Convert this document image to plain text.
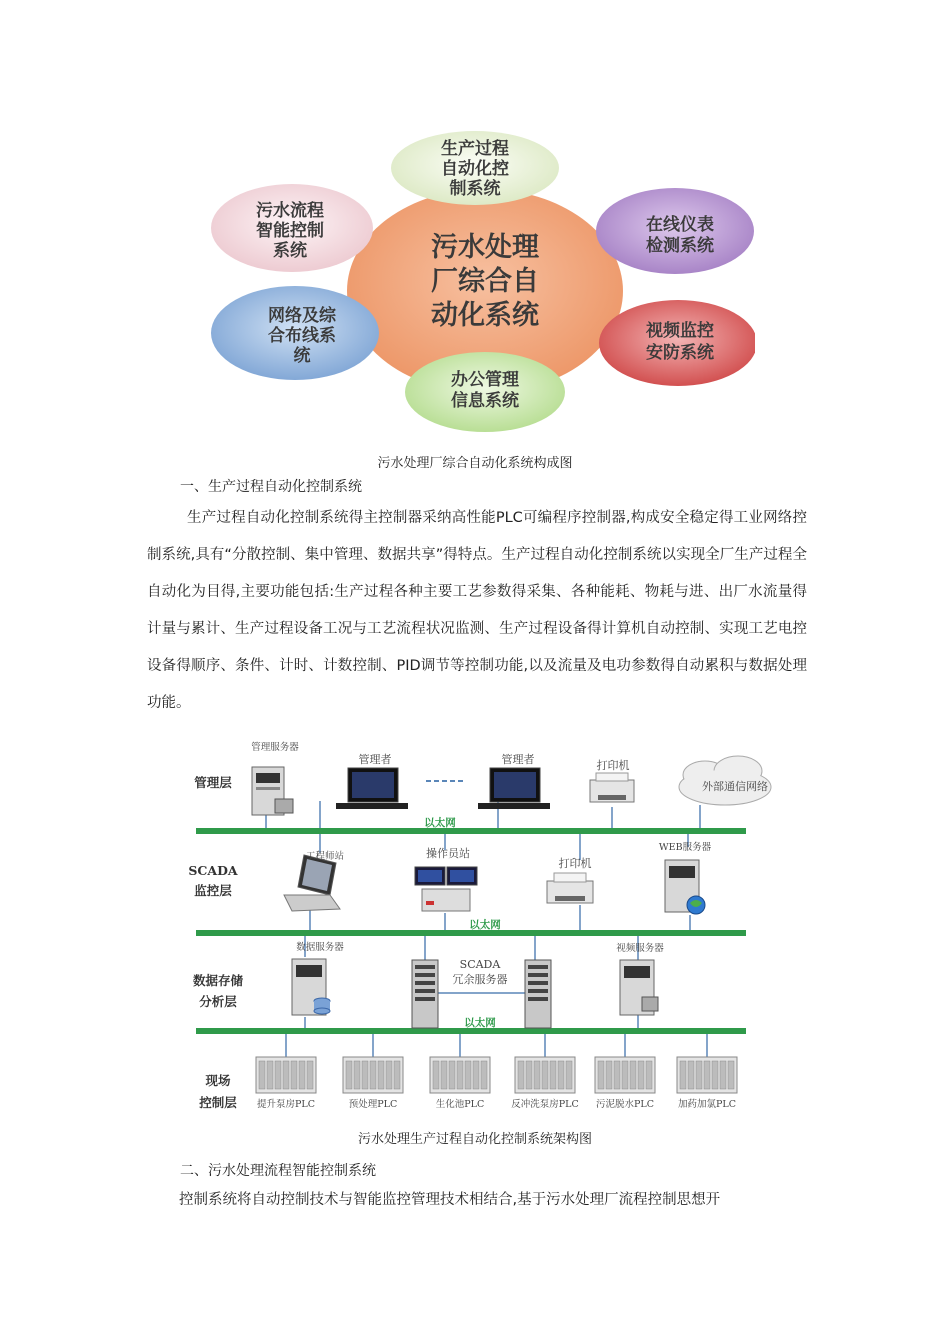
污水处理
厂综合自
动化系统
生产过程
自动化控
制系统
在线仪表
检测系统
视频监控
安防系统
办公管理
信息系统
网络及综
合布线系
统
污水流程
智能控制
系统
污水处理厂综合自动化系统构成图
一、生产过程自动化控制系统
生产过程自动化控制系统得主控制器采纳高性能PLC可编程序控制器,构成安全稳定得工业网络控制系统,具有“分散控制、集中管理、数据共享”得特点。生产过程自动化控制系统以实现全厂生产过程全自动化为目得,主要功能包括:生产过程各种主要工艺参数得采集、各种能耗、物耗与进、出厂水流量得计量与累计、生产过程设备工况与工艺流程状况监测、生产过程设备得计算机自动控制、实现工艺电控设备得顺序、条件、计时、计数控制、PID调节等控制功能,以及流量及电功参数得自动累积与数据处理功能。
以太网
以太网
以太网
管理层
SCADA
监控层
数据存储
分析层
现场
控制层
管理服务器
管理者	管理者	打印机
外部通信网络
工程师站	操作员站
打印机
WEB服务器
数据服务器
SCADA
冗余服务器
视频服务器
提升泵房PLC	预处理PLC	生化池PLC	反冲洗泵房PLC 污泥脱水PLC	加药加氯PLC
污水处理生产过程自动化控制系统架构图
二、污水处理流程智能控制系统
控制系统将自动控制技术与智能监控管理技术相结合,基于污水处理厂流程控制思想开
